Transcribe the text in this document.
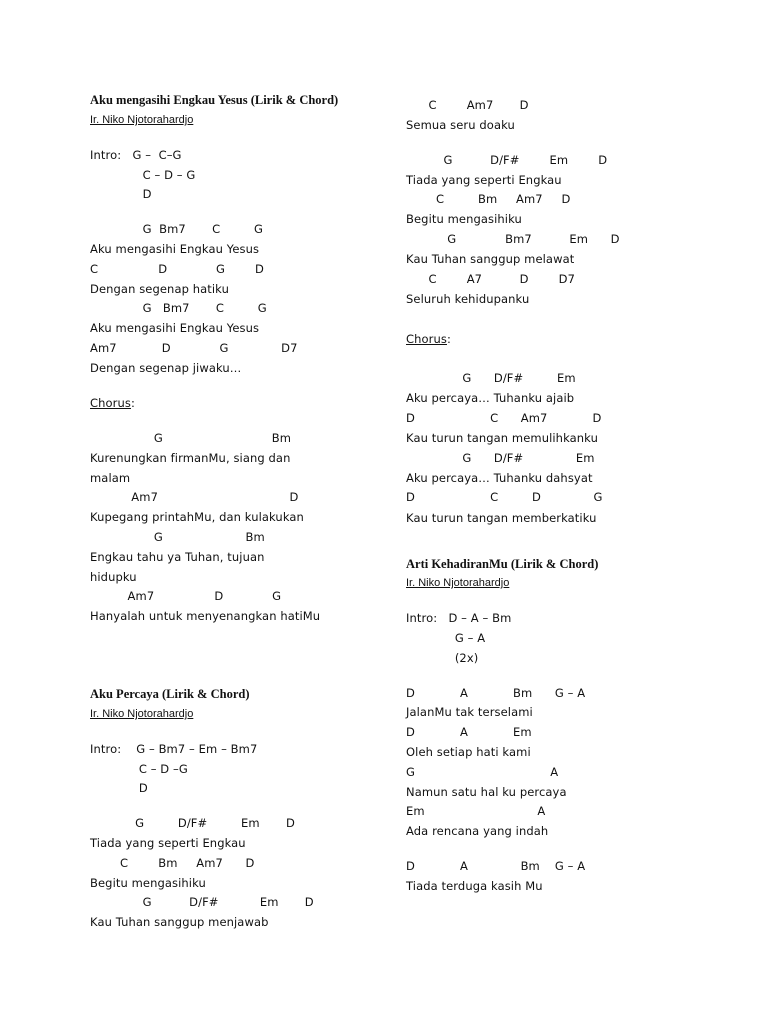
Aku mengasihi Engkau Yesus (Lirik & Chord)
Ir. Niko Njotorahardjo
Intro:   G –  C–G
C – D – G
D
G  Bm7       C         G
Aku mengasihi Engkau Yesus
C                D             G        D
Dengan segenap hatiku
G   Bm7       C         G
Aku mengasihi Engkau Yesus
Am7            D             G              D7
Dengan segenap jiwaku…
Chorus:
G                             Bm
Kurenungkan firmanMu, siang dan
malam
Am7                                   D
Kupegang printahMu, dan kulakukan
G                      Bm
Engkau tahu ya Tuhan, tujuan
hidupku
Am7                D             G
Hanyalah untuk menyenangkan hatiMu
Aku Percaya (Lirik & Chord)
Ir. Niko Njotorahardjo
Intro:    G – Bm7 – Em – Bm7
C – D –G
D
G         D/F#         Em       D
Tiada yang seperti Engkau
C        Bm     Am7      D
Begitu mengasihiku
G          D/F#           Em       D
Kau Tuhan sanggup menjawab
C        Am7       D
Semua seru doaku
G          D/F#        Em        D
Tiada yang seperti Engkau
C         Bm     Am7     D
Begitu mengasihiku
G             Bm7          Em      D
Kau Tuhan sanggup melawat
C        A7          D        D7
Seluruh kehidupanku
Chorus:
G      D/F#         Em
Aku percaya… Tuhanku ajaib
D                    C      Am7            D
Kau turun tangan memulihkanku
G      D/F#              Em
Aku percaya… Tuhanku dahsyat
D                    C         D              G
Kau turun tangan memberkatiku
Arti KehadiranMu (Lirik & Chord)
Ir. Niko Njotorahardjo
Intro:   D – A – Bm
G – A
(2x)
D            A            Bm      G – A
JalanMu tak terselami
D            A            Em
Oleh setiap hati kami
G                                    A
Namun satu hal ku percaya
Em                              A
Ada rencana yang indah
D            A              Bm    G – A
Tiada terduga kasih Mu
